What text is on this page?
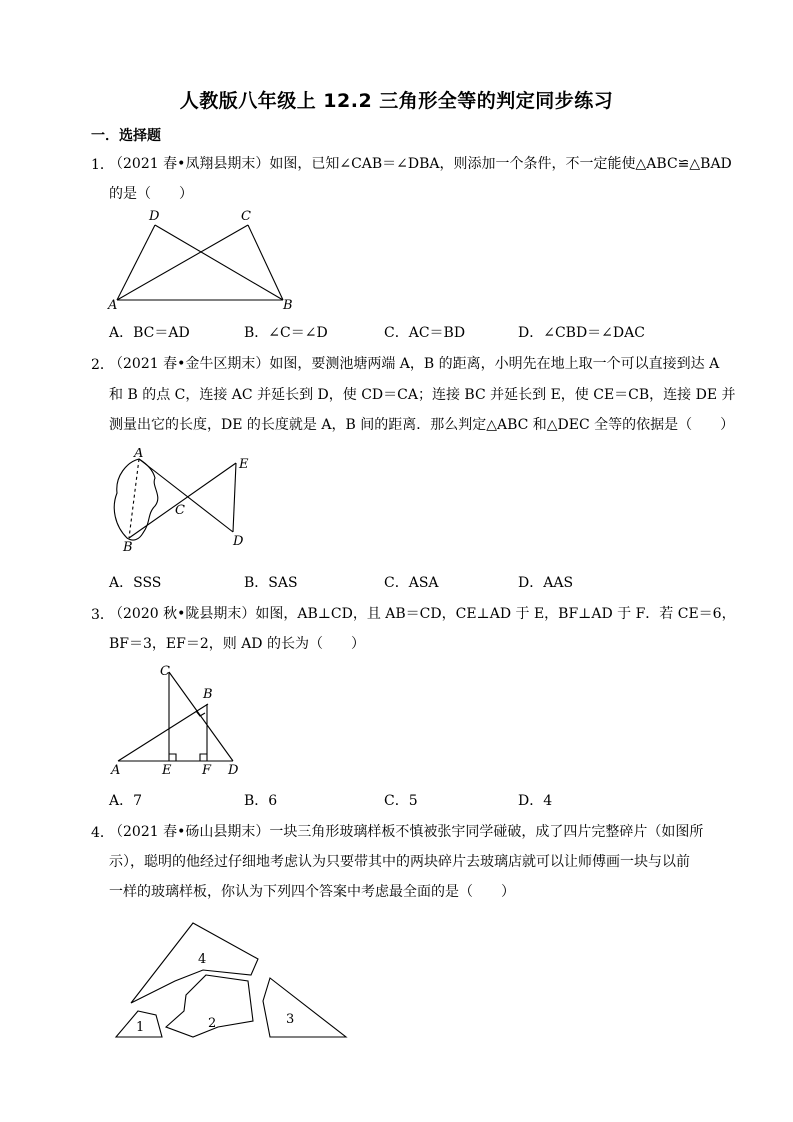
人教版八年级上 12.2 三角形全等的判定同步练习
一．选择题
1．
（2021 春•凤翔县期末）如图，已知∠CAB＝∠DBA，则添加一个条件，不一定能使△ABC≌△BAD
的是（　　）
D	C
A	B
A．BC＝AD	B．∠C＝∠D	C．AC＝BD	D．∠CBD＝∠DAC
2．
（2021 春•金牛区期末）如图，要测池塘两端 A，B 的距离，小明先在地上取一个可以直接到达 A
和 B 的点 C，连接 AC 并延长到 D，使 CD＝CA；连接 BC 并延长到 E，使 CE＝CB，连接 DE 并
测量出它的长度，DE 的长度就是 A，B 间的距离．那么判定△ABC 和△DEC 全等的依据是（　　）
A
E
C
B	D
A．SSS	B．SAS	C．ASA	D．AAS
3．
（2020 秋•陇县期末）如图，AB⊥CD，且 AB＝CD，CE⊥AD 于 E，BF⊥AD 于 F．若 CE＝6，
BF＝3，EF＝2，则 AD 的长为（　　）
C
B
A	E F D
A．7	B．6	C．5	D．4
4．
（2021 春•砀山县期末）一块三角形玻璃样板不慎被张宇同学碰破，成了四片完整碎片（如图所
示），聪明的他经过仔细地考虑认为只要带其中的两块碎片去玻璃店就可以让师傅画一块与以前
一样的玻璃样板，你认为下列四个答案中考虑最全面的是（　　）
4
2	3
1
